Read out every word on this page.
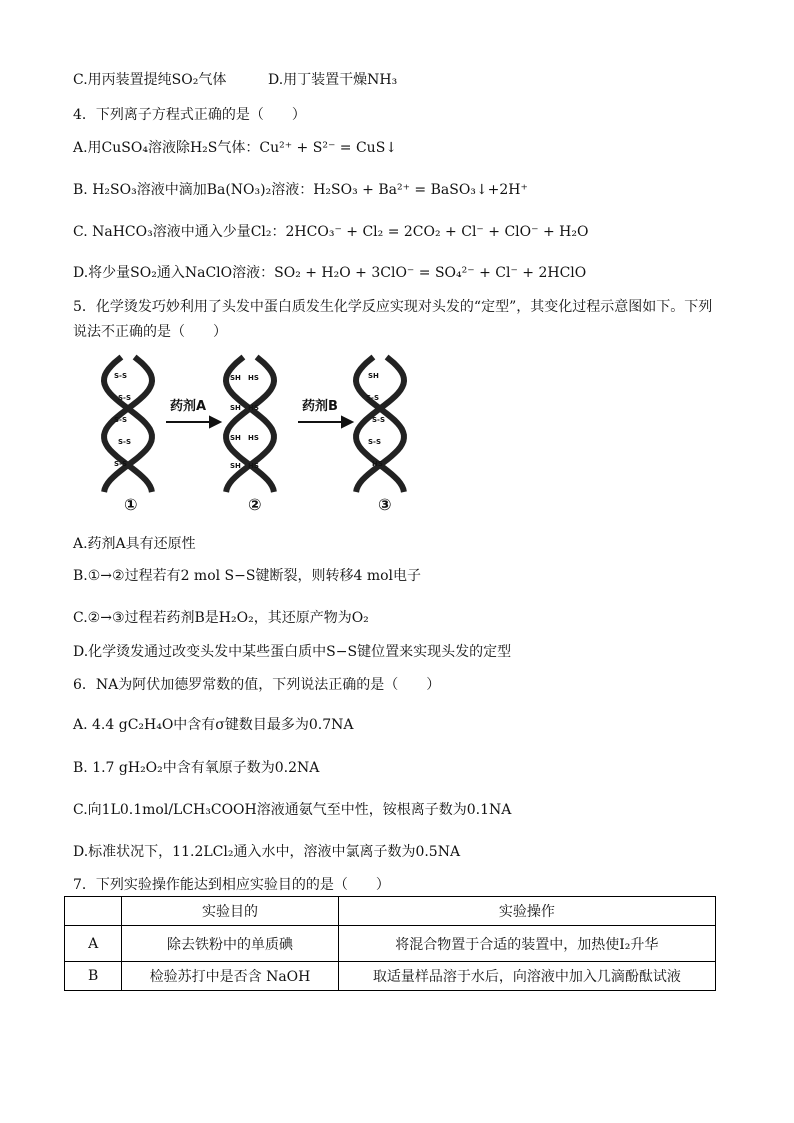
C.用丙装置提纯SO₂气体	D.用丁装置干燥NH₃
4．下列离子方程式正确的是（　　）
A.用CuSO₄溶液除H₂S气体：Cu²⁺ + S²⁻ = CuS↓
B. H₂SO₃溶液中滴加Ba(NO₃)₂溶液：H₂SO₃ + Ba²⁺ = BaSO₃↓+2H⁺
C. NaHCO₃溶液中通入少量Cl₂：2HCO₃⁻ + Cl₂ = 2CO₂ + Cl⁻ + ClO⁻ + H₂O
D.将少量SO₂通入NaClO溶液：SO₂ + H₂O + 3ClO⁻ = SO₄²⁻ + Cl⁻ + 2HClO
5．化学烫发巧妙利用了头发中蛋白质发生化学反应实现对头发的“定型”，其变化过程示意图如下。下列
说法不正确的是（　　）
S-S
S-S
S-S
S-S
S-S
SH HS
SH HS
SH HS
SH HS
SH
S-S
S-S
S-S
HS
药剂A	药剂B
①	②	③
A.药剂A具有还原性
B.①→②过程若有2 mol S−S键断裂，则转移4 mol电子
C.②→③过程若药剂B是H₂O₂，其还原产物为O₂
D.化学烫发通过改变头发中某些蛋白质中S−S键位置来实现头发的定型
6．NA为阿伏加德罗常数的值，下列说法正确的是（　　）
A. 4.4 gC₂H₄O中含有σ键数目最多为0.7NA
B. 1.7 gH₂O₂中含有氧原子数为0.2NA
C.向1L0.1mol/LCH₃COOH溶液通氨气至中性，铵根离子数为0.1NA
D.标准状况下，11.2LCl₂通入水中，溶液中氯离子数为0.5NA
7．下列实验操作能达到相应实验目的的是（　　）
	实验目的	实验操作
A	除去铁粉中的单质碘	将混合物置于合适的装置中，加热使I₂升华
B	检验苏打中是否含 NaOH	取适量样品溶于水后，向溶液中加入几滴酚酞试液
